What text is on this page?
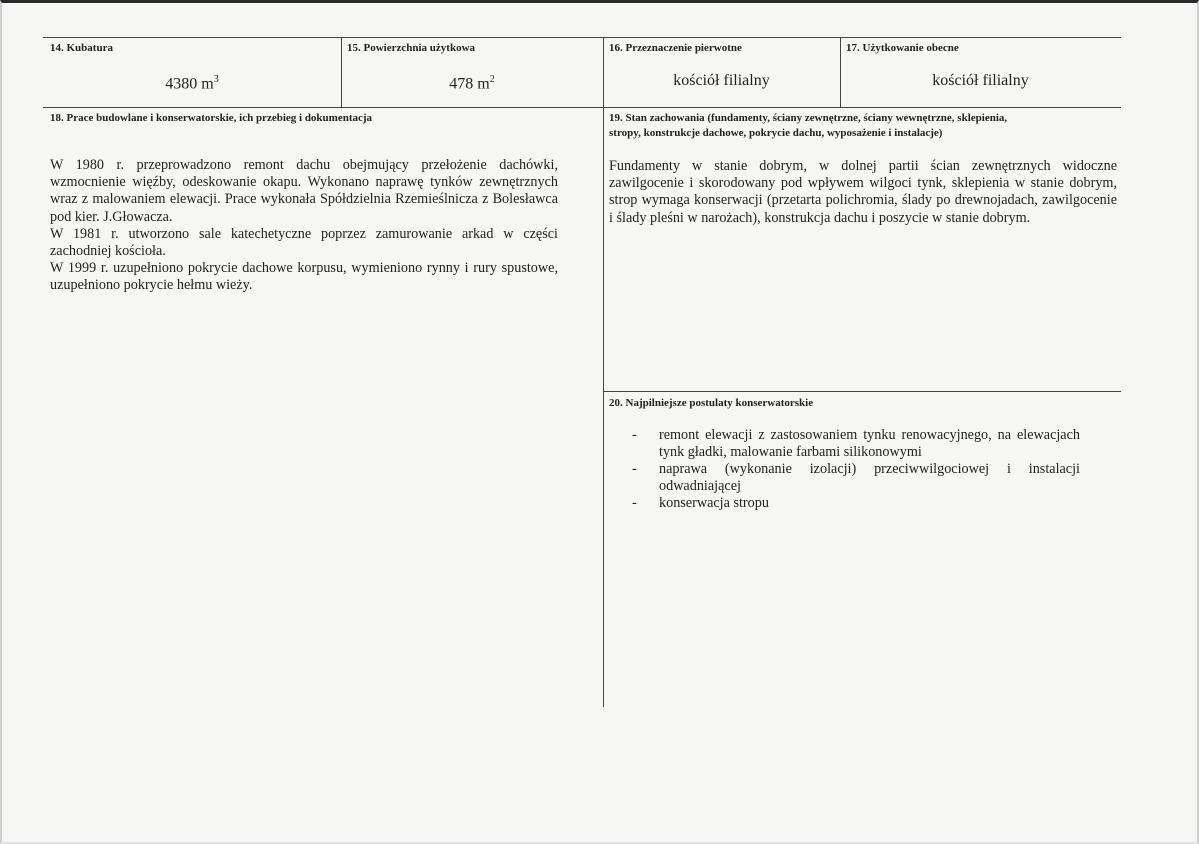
14. Kubatura
4380 $m^3$
15. Powierzchnia użytkowa
478 $m^2$
16. Przeznaczenie pierwotne
kościół filialny
17. Użytkowanie obecne
kościół filialny
18. Prace budowlane i konserwatorskie, ich przebieg i dokumentacja

W 1980 r. przeprowadzono remont dachu obejmujący przełożenie dachówki, wzmocnienie więźby, odeskowanie okapu. Wykonano naprawę tynków zewnętrznych wraz z malowaniem elewacji. Prace wykonała Spółdzielnia Rzemieślnicza z Bolesławca pod kier. J.Głowacza.

W 1981 r. utworzono sale katechetyczne poprzez zamurowanie arkad w części zachodniej kościoła.

W 1999 r. uzupełniono pokrycie dachowe korpusu, wymieniono rynny i rury spustowe, uzupełniono pokrycie hełmu wieży.

19. Stan zachowania (fundamenty, ściany zewnętrzne, ściany wewnętrzne, sklepienia,
stropy, konstrukcje dachowe, pokrycie dachu, wyposażenie i instalacje)

Fundamenty w stanie dobrym, w dolnej partii ścian zewnętrznych widoczne zawilgocenie i skorodowany pod wpływem wilgoci tynk, sklepienia w stanie dobrym, strop wymaga konserwacji (przetarta polichromia, ślady po drewnojadach, zawilgocenie i ślady pleśni w narożach), konstrukcja dachu i poszycie w stanie dobrym.

20. Najpilniejsze postulaty konserwatorskie
- remont elewacji z zastosowaniem tynku renowacyjnego, na elewacjach tynk gładki, malowanie farbami silikonowymi
- naprawa (wykonanie izolacji) przeciwwilgociowej i instalacji odwadniającej
- konserwacja stropu
